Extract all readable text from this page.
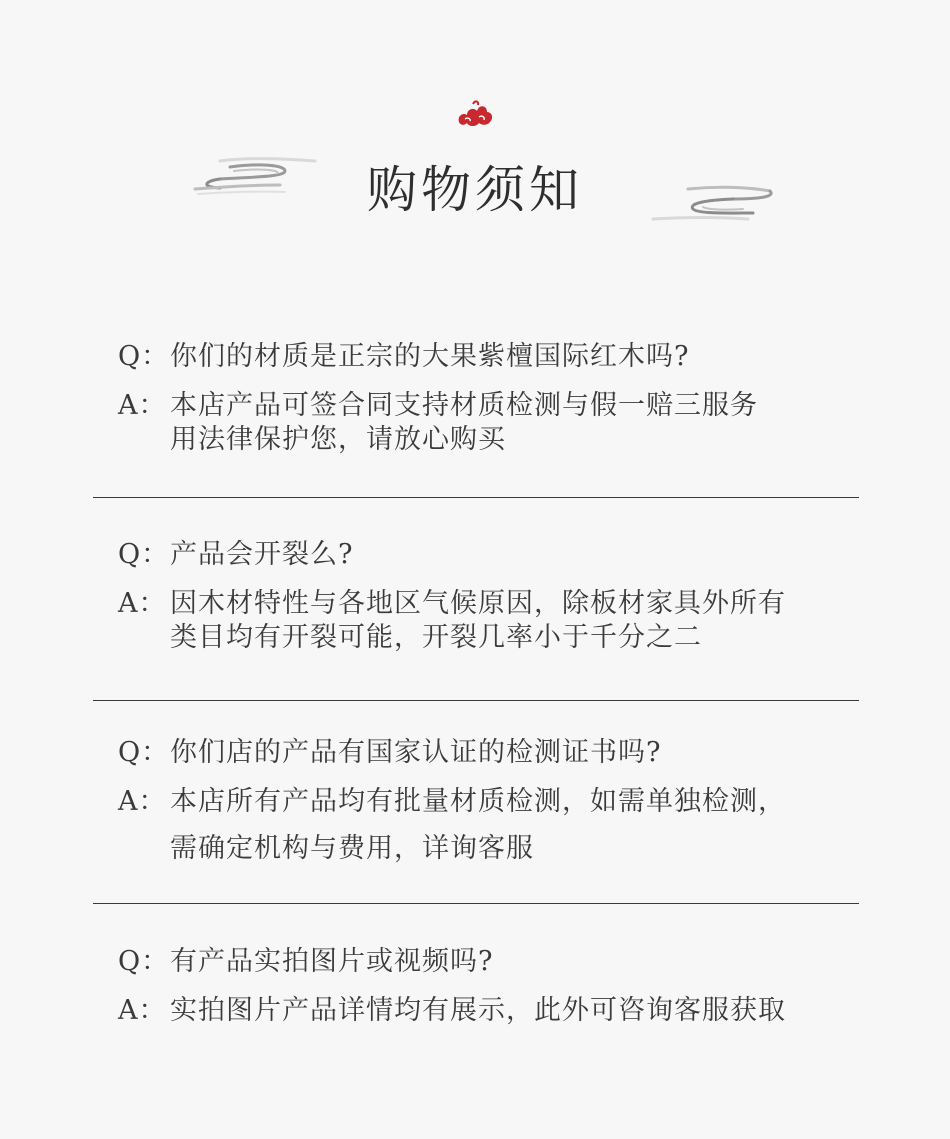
购物须知
Q：你们的材质是正宗的大果紫檀国际红木吗?
A： 本店产品可签合同支持材质检测与假一赔三服务
用法律保护您，请放心购买
Q：产品会开裂么?
A： 因木材特性与各地区气候原因，除板材家具外所有
类目均有开裂可能，开裂几率小于千分之二
Q：你们店的产品有国家认证的检测证书吗?
A： 本店所有产品均有批量材质检测，如需单独检测，
需确定机构与费用，详询客服
Q：有产品实拍图片或视频吗?
A： 实拍图片产品详情均有展示，此外可咨询客服获取
